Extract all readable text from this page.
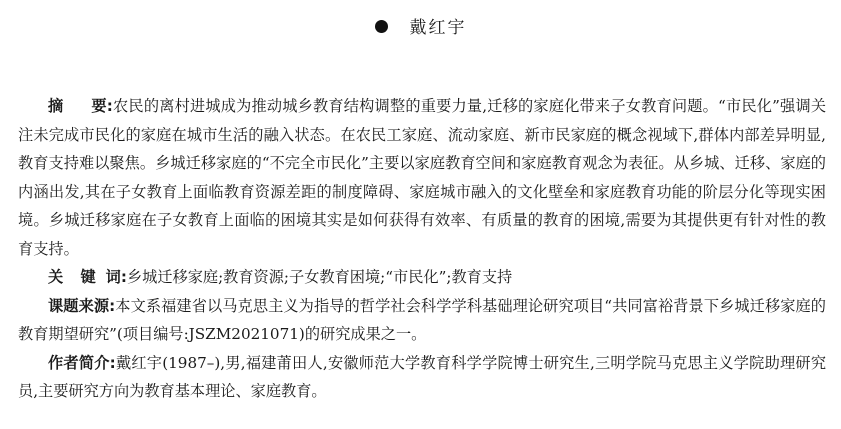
戴红宇
摘要:农民的离村进城成为推动城乡教育结构调整的重要力量,迁移的家庭化带来子女教育问题。“市民化”强调关注未完成市民化的家庭在城市生活的融入状态。在农民工家庭、流动家庭、新市民家庭的概念视域下,群体内部差异明显,教育支持难以聚焦。乡城迁移家庭的“不完全市民化”主要以家庭教育空间和家庭教育观念为表征。从乡城、迁移、家庭的内涵出发,其在子女教育上面临教育资源差距的制度障碍、家庭城市融入的文化壁垒和家庭教育功能的阶层分化等现实困境。乡城迁移家庭在子女教育上面临的困境其实是如何获得有效率、有质量的教育的困境,需要为其提供更有针对性的教育支持。
关 键 词:乡城迁移家庭;教育资源;子女教育困境;“市民化”;教育支持
课题来源:本文系福建省以马克思主义为指导的哲学社会科学学科基础理论研究项目“共同富裕背景下乡城迁移家庭的教育期望研究”(项目编号:JSZM2021071)的研究成果之一。
作者简介:戴红宇(1987–),男,福建莆田人,安徽师范大学教育科学学院博士研究生,三明学院马克思主义学院助理研究员,主要研究方向为教育基本理论、家庭教育。
